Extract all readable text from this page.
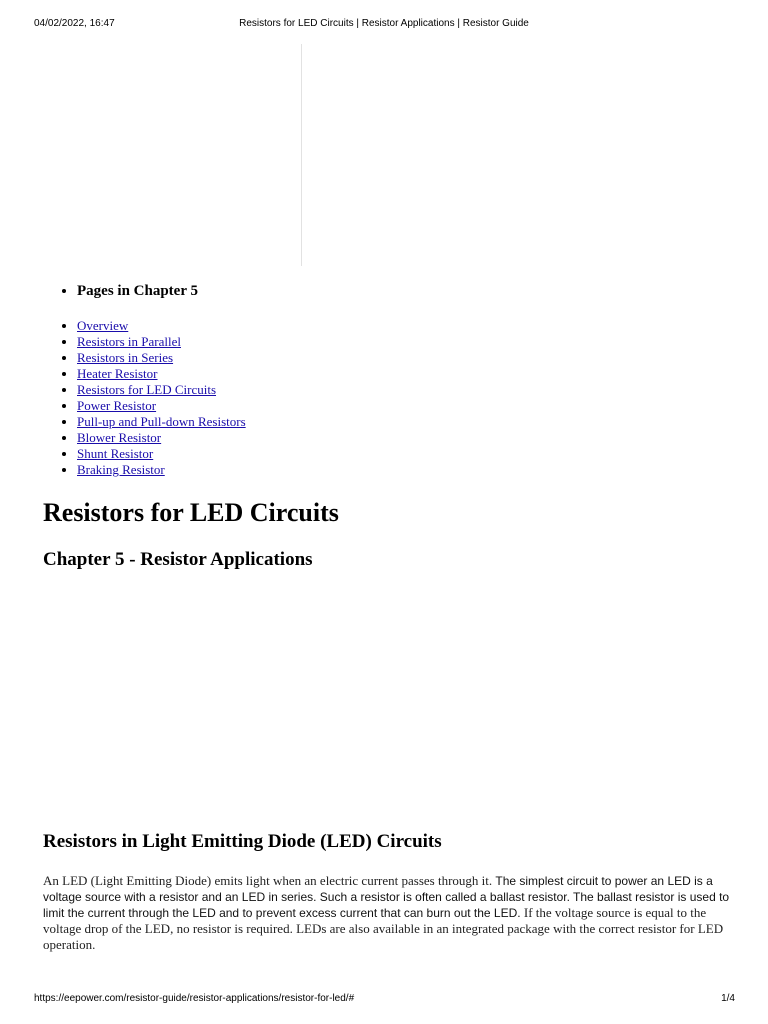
04/02/2022, 16:47	Resistors for LED Circuits | Resistor Applications | Resistor Guide
• Pages in Chapter 5
• Overview
• Resistors in Parallel
• Resistors in Series
• Heater Resistor
• Resistors for LED Circuits
• Power Resistor
• Pull-up and Pull-down Resistors
• Blower Resistor
• Shunt Resistor
• Braking Resistor
Resistors for LED Circuits
Chapter 5 - Resistor Applications
Resistors in Light Emitting Diode (LED) Circuits

An LED (Light Emitting Diode) emits light when an electric current passes through it. The simplest circuit to power an LED is a voltage source with a resistor and an LED in series. Such a resistor is often called a ballast resistor. The ballast resistor is used to limit the current through the LED and to prevent excess current that can burn out the LED. If the voltage source is equal to the voltage drop of the LED, no resistor is required. LEDs are also available in an integrated package with the correct resistor for LED operation.

https://eepower.com/resistor-guide/resistor-applications/resistor-for-led/#	1/4
